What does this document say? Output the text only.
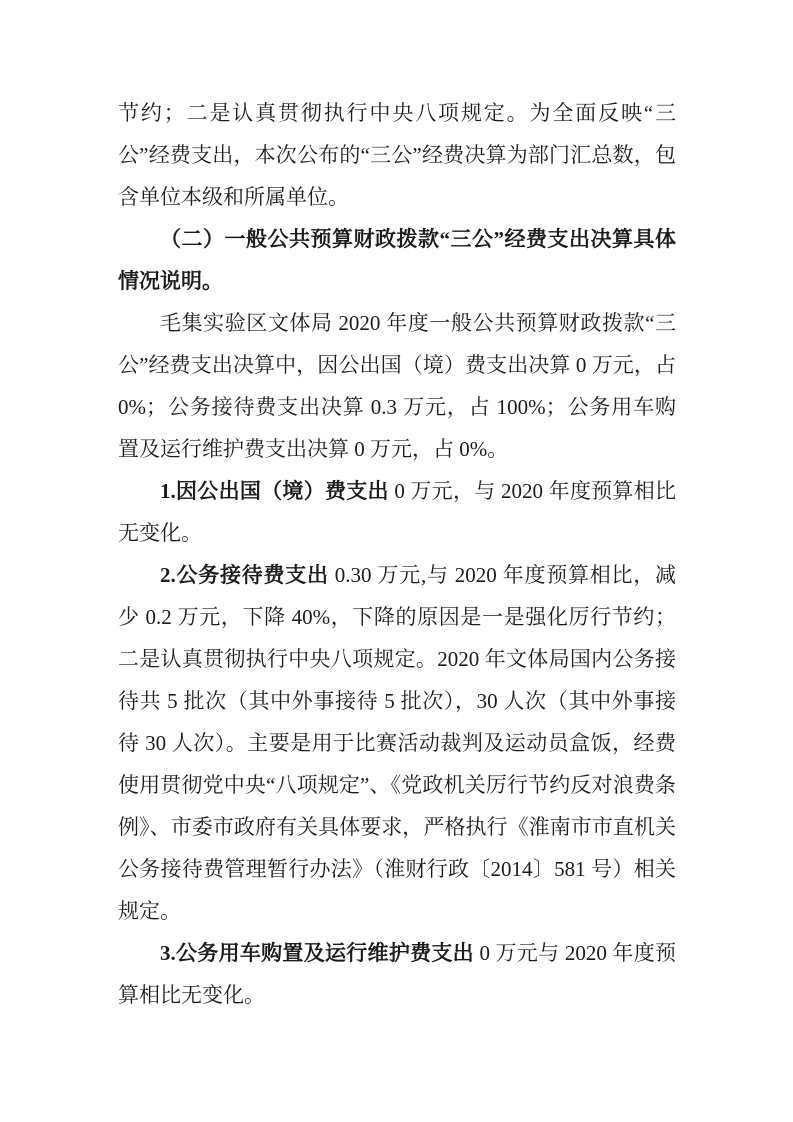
节约；二是认真贯彻执行中央八项规定。为全面反映“三公”经费支出，本次公布的“三公”经费决算为部门汇总数，包含单位本级和所属单位。

（二）一般公共预算财政拨款“三公”经费支出决算具体情况说明。

毛集实验区文体局 2020 年度一般公共预算财政拨款“三公”经费支出决算中，因公出国（境）费支出决算 0 万元，占 0%；公务接待费支出决算 0.3 万元，占 100%；公务用车购置及运行维护费支出决算 0 万元，占 0%。

1.因公出国（境）费支出 0 万元，与 2020 年度预算相比无变化。

2.公务接待费支出 0.30 万元,与 2020 年度预算相比，减少 0.2 万元，下降 40%，下降的原因是一是强化厉行节约；二是认真贯彻执行中央八项规定。2020 年文体局国内公务接待共 5 批次（其中外事接待 5 批次），30 人次（其中外事接待 30 人次）。主要是用于比赛活动裁判及运动员盒饭，经费使用贯彻党中央“八项规定”、《党政机关厉行节约反对浪费条例》、市委市政府有关具体要求，严格执行《淮南市市直机关公务接待费管理暂行办法》（淮财行政〔2014〕581 号）相关规定。

3.公务用车购置及运行维护费支出 0 万元与 2020 年度预算相比无变化。
